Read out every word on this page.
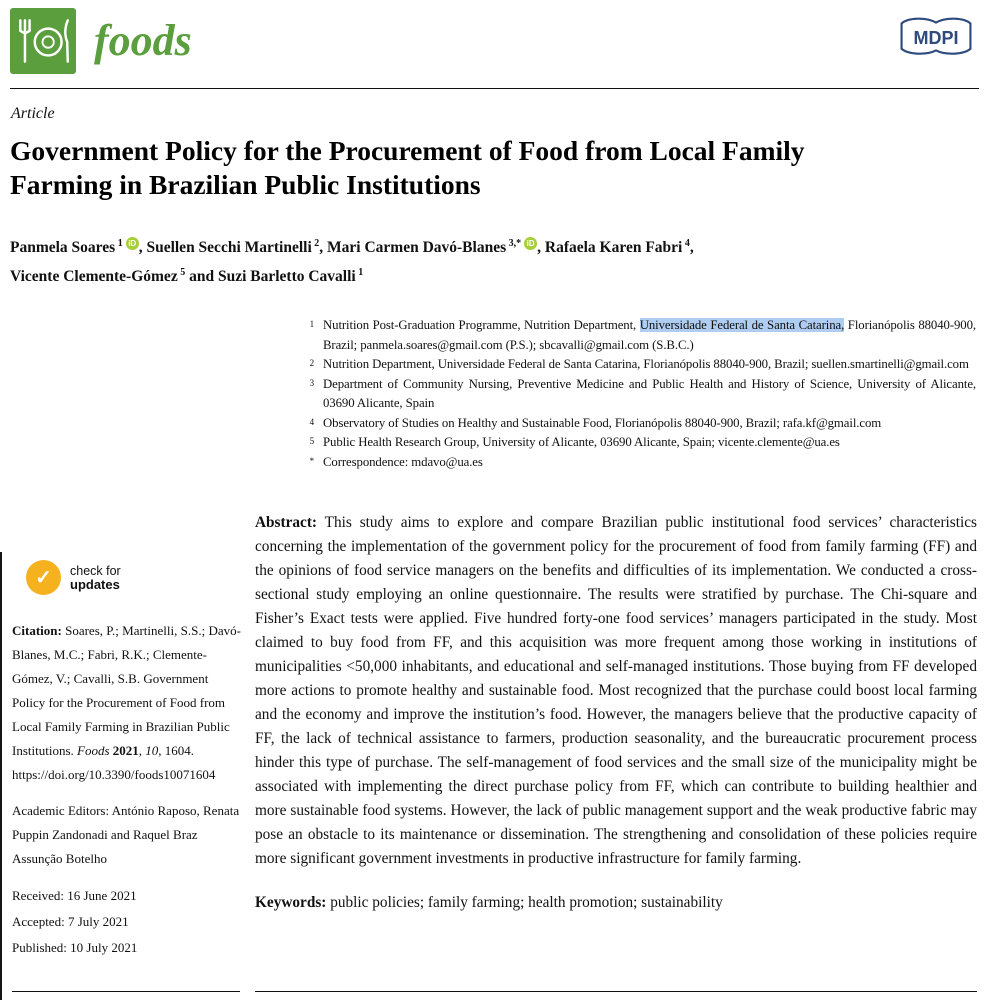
foods	MDPI
Article
Government Policy for the Procurement of Food from Local Family Farming in Brazilian Public Institutions
Panmela Soares $^1$ iD , Suellen Secchi Martinelli $^2$, Mari Carmen Davó-Blanes $^{3,*}$ iD , Rafaela Karen Fabri $^4$,
Vicente Clemente-Gómez $^5$ and Suzi Barletto Cavalli $^1$
1 Nutrition Post-Graduation Programme, Nutrition Department, Universidade Federal de Santa Catarina, Florianópolis 88040-900, Brazil; panmela.soares@gmail.com (P.S.); sbcavalli@gmail.com (S.B.C.)
2 Nutrition Department, Universidade Federal de Santa Catarina, Florianópolis 88040-900, Brazil; suellen.smartinelli@gmail.com
3 Department of Community Nursing, Preventive Medicine and Public Health and History of Science, University of Alicante, 03690 Alicante, Spain
4 Observatory of Studies on Healthy and Sustainable Food, Florianópolis 88040-900, Brazil; rafa.kf@gmail.com
5 Public Health Research Group, University of Alicante, 03690 Alicante, Spain; vicente.clemente@ua.es
* Correspondence: mdavo@ua.es

Abstract: This study aims to explore and compare Brazilian public institutional food services’ characteristics concerning the implementation of the government policy for the procurement of food from family farming (FF) and the opinions of food service managers on the benefits and difficulties of its implementation. We conducted a cross-sectional study employing an online questionnaire. The results were stratified by purchase. The Chi-square and Fisher’s Exact tests were applied. Five hundred forty-one food services’ managers participated in the study. Most claimed to buy food from FF, and this acquisition was more frequent among those working in institutions of municipalities <50,000 inhabitants, and educational and self-managed institutions. Those buying from FF developed more actions to promote healthy and sustainable food. Most recognized that the purchase could boost local farming and the economy and improve the institution’s food. However, the managers believe that the productive capacity of FF, the lack of technical assistance to farmers, production seasonality, and the bureaucratic procurement process hinder this type of purchase. The self-management of food services and the small size of the municipality might be associated with implementing the direct purchase policy from FF, which can contribute to building healthier and more sustainable food systems. However, the lack of public management support and the weak productive fabric may pose an obstacle to its maintenance or dissemination. The strengthening and consolidation of these policies require more significant government investments in productive infrastructure for family farming.

Keywords: public policies; family farming; health promotion; sustainability

✓	check for
updates

Citation: Soares, P.; Martinelli, S.S.; Davó-Blanes, M.C.; Fabri, R.K.; Clemente-Gómez, V.; Cavalli, S.B. Government Policy for the Procurement of Food from Local Family Farming in Brazilian Public Institutions. Foods 2021, 10, 1604. https://doi.org/10.3390/foods10071604

Academic Editors: António Raposo, Renata Puppin Zandonadi and Raquel Braz Assunção Botelho

Received: 16 June 2021
Accepted: 7 July 2021
Published: 10 July 2021
